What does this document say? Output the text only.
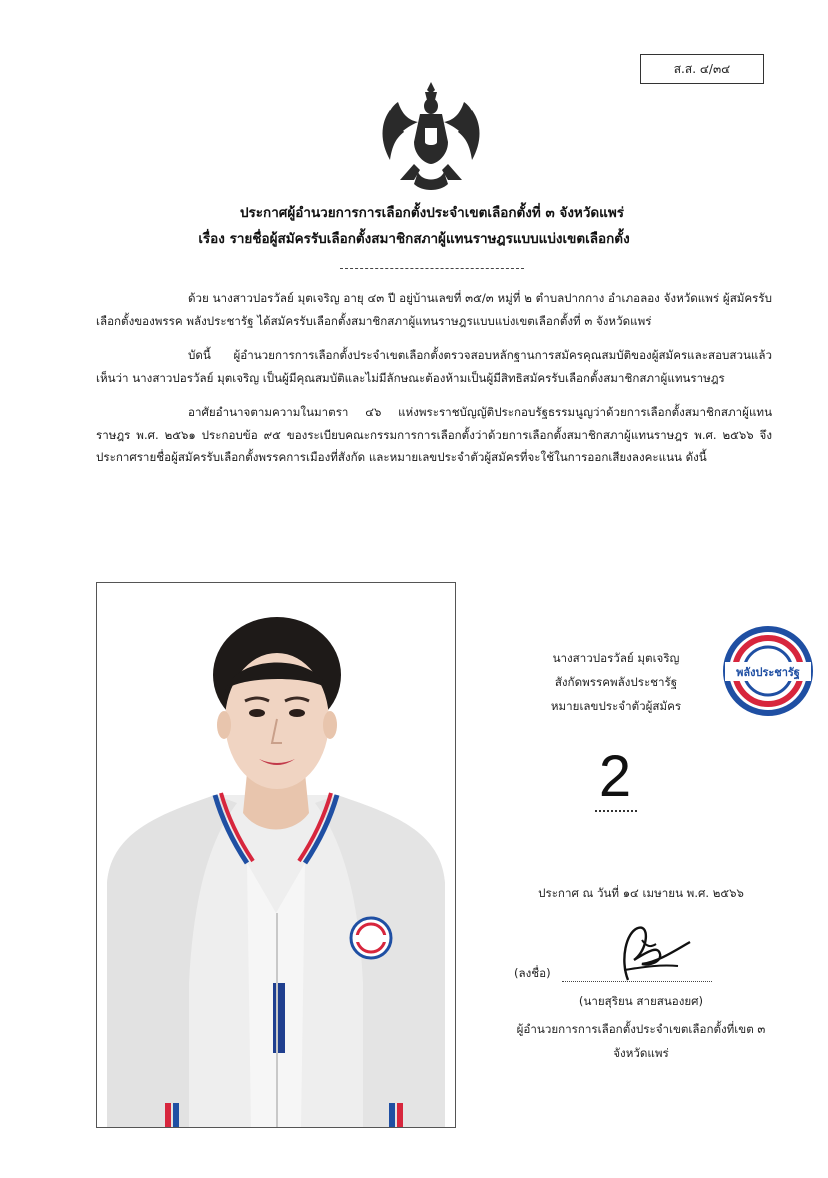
ส.ส. ๔/๓๔
ประกาศผู้อำนวยการการเลือกตั้งประจำเขตเลือกตั้งที่ ๓ จังหวัดแพร่
เรื่อง รายชื่อผู้สมัครรับเลือกตั้งสมาชิกสภาผู้แทนราษฎรแบบแบ่งเขตเลือกตั้ง

ด้วย นางสาวปอรวัลย์ มุตเจริญ อายุ ๔๓ ปี อยู่บ้านเลขที่ ๓๕/๓ หมู่ที่ ๒ ตำบลปากกาง อำเภอลอง จังหวัดแพร่ ผู้สมัครรับเลือกตั้งของพรรค พลังประชารัฐ ได้สมัครรับเลือกตั้งสมาชิกสภาผู้แทนราษฎรแบบแบ่งเขตเลือกตั้งที่ ๓ จังหวัดแพร่

บัดนี้ ผู้อำนวยการการเลือกตั้งประจำเขตเลือกตั้งตรวจสอบหลักฐานการสมัครคุณสมบัติของผู้สมัครและสอบสวนแล้วเห็นว่า นางสาวปอรวัลย์ มุตเจริญ เป็นผู้มีคุณสมบัติและไม่มีลักษณะต้องห้ามเป็นผู้มีสิทธิสมัครรับเลือกตั้งสมาชิกสภาผู้แทนราษฎร

อาศัยอำนาจตามความในมาตรา ๔๖ แห่งพระราชบัญญัติประกอบรัฐธรรมนูญว่าด้วยการเลือกตั้งสมาชิกสภาผู้แทนราษฎร พ.ศ. ๒๕๖๑ ประกอบข้อ ๙๕ ของระเบียบคณะกรรมการการเลือกตั้งว่าด้วยการเลือกตั้งสมาชิกสภาผู้แทนราษฎร พ.ศ. ๒๕๖๖ จึงประกาศรายชื่อผู้สมัครรับเลือกตั้งพรรคการเมืองที่สังกัด และหมายเลขประจำตัวผู้สมัครที่จะใช้ในการออกเสียงลงคะแนน ดังนี้

นางสาวปอรวัลย์ มุตเจริญ
สังกัดพรรคพลังประชารัฐ
หมายเลขประจำตัวผู้สมัคร
พลังประชารัฐ
2
ประกาศ ณ วันที่ ๑๔ เมษายน พ.ศ. ๒๕๖๖
(ลงชื่อ)
(นายสุริยน สายสนองยศ)
ผู้อำนวยการการเลือกตั้งประจำเขตเลือกตั้งที่เขต ๓
จังหวัดแพร่
